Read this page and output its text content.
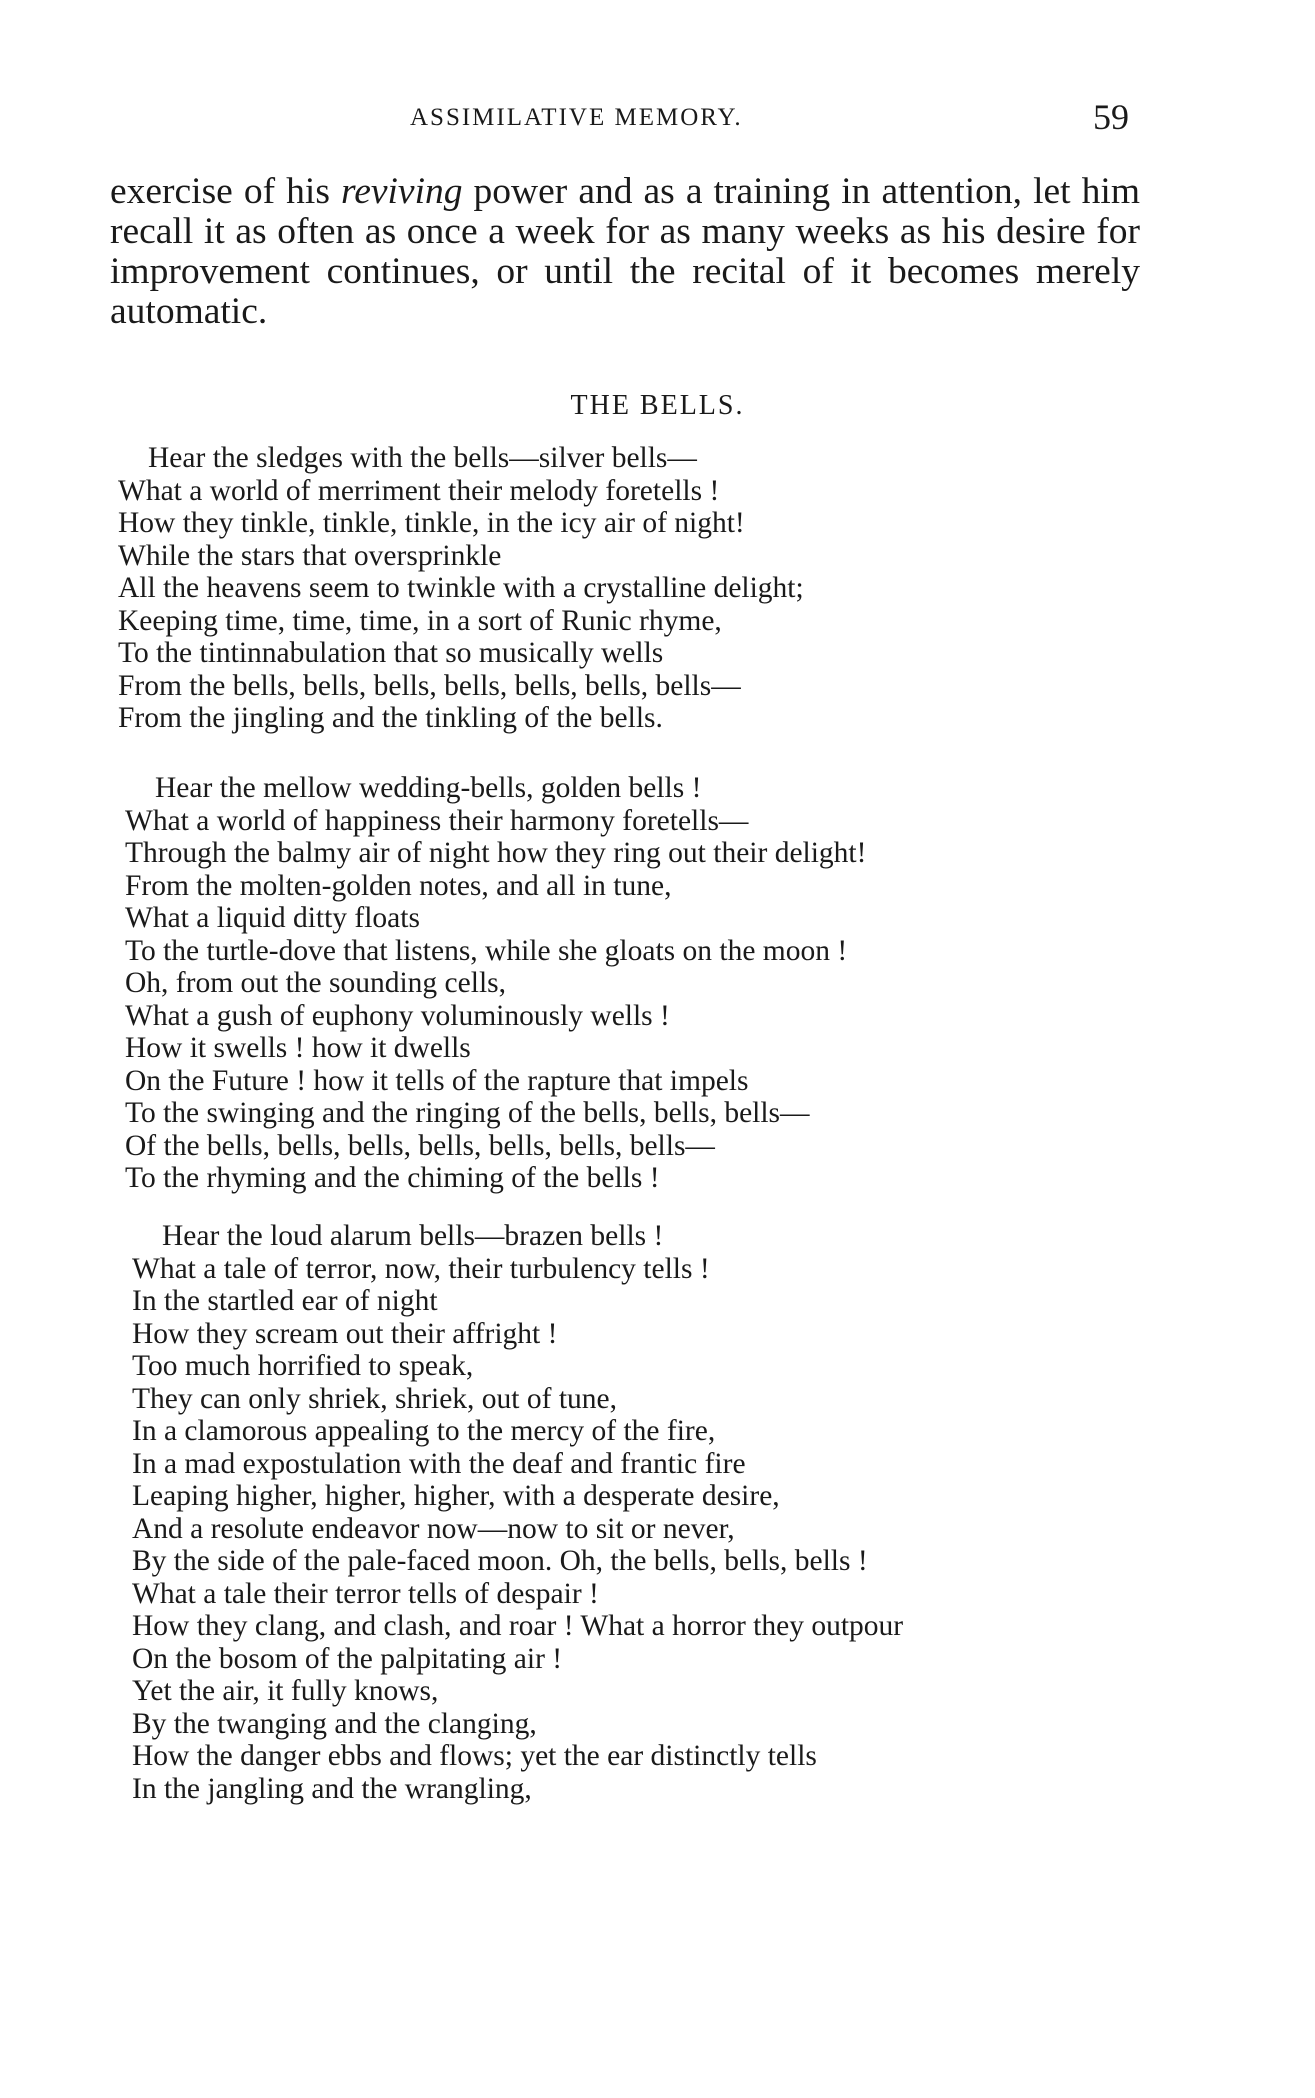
ASSIMILATIVE MEMORY.	59

exercise of his reviving power and as a training in attention, let him recall it as often as once a week for as many weeks as his desire for improvement continues, or until the recital of it becomes merely automatic.

THE BELLS.
Hear the sledges with the bells—silver bells—
What a world of merriment their melody foretells !
How they tinkle, tinkle, tinkle, in the icy air of night!
While the stars that oversprinkle
All the heavens seem to twinkle with a crystalline delight;
Keeping time, time, time, in a sort of Runic rhyme,
To the tintinnabulation that so musically wells
From the bells, bells, bells, bells, bells, bells, bells—
From the jingling and the tinkling of the bells.
Hear the mellow wedding-bells, golden bells !
What a world of happiness their harmony foretells—
Through the balmy air of night how they ring out their delight!
From the molten-golden notes, and all in tune,
What a liquid ditty floats
To the turtle-dove that listens, while she gloats on the moon !
Oh, from out the sounding cells,
What a gush of euphony voluminously wells !
How it swells ! how it dwells
On the Future ! how it tells of the rapture that impels
To the swinging and the ringing of the bells, bells, bells—
Of the bells, bells, bells, bells, bells, bells, bells—
To the rhyming and the chiming of the bells !
Hear the loud alarum bells—brazen bells !
What a tale of terror, now, their turbulency tells !
In the startled ear of night
How they scream out their affright !
Too much horrified to speak,
They can only shriek, shriek, out of tune,
In a clamorous appealing to the mercy of the fire,
In a mad expostulation with the deaf and frantic fire
Leaping higher, higher, higher, with a desperate desire,
And a resolute endeavor now—now to sit or never,
By the side of the pale-faced moon. Oh, the bells, bells, bells !
What a tale their terror tells of despair !
How they clang, and clash, and roar ! What a horror they outpour
On the bosom of the palpitating air !
Yet the air, it fully knows,
By the twanging and the clanging,
How the danger ebbs and flows; yet the ear distinctly tells
In the jangling and the wrangling,
